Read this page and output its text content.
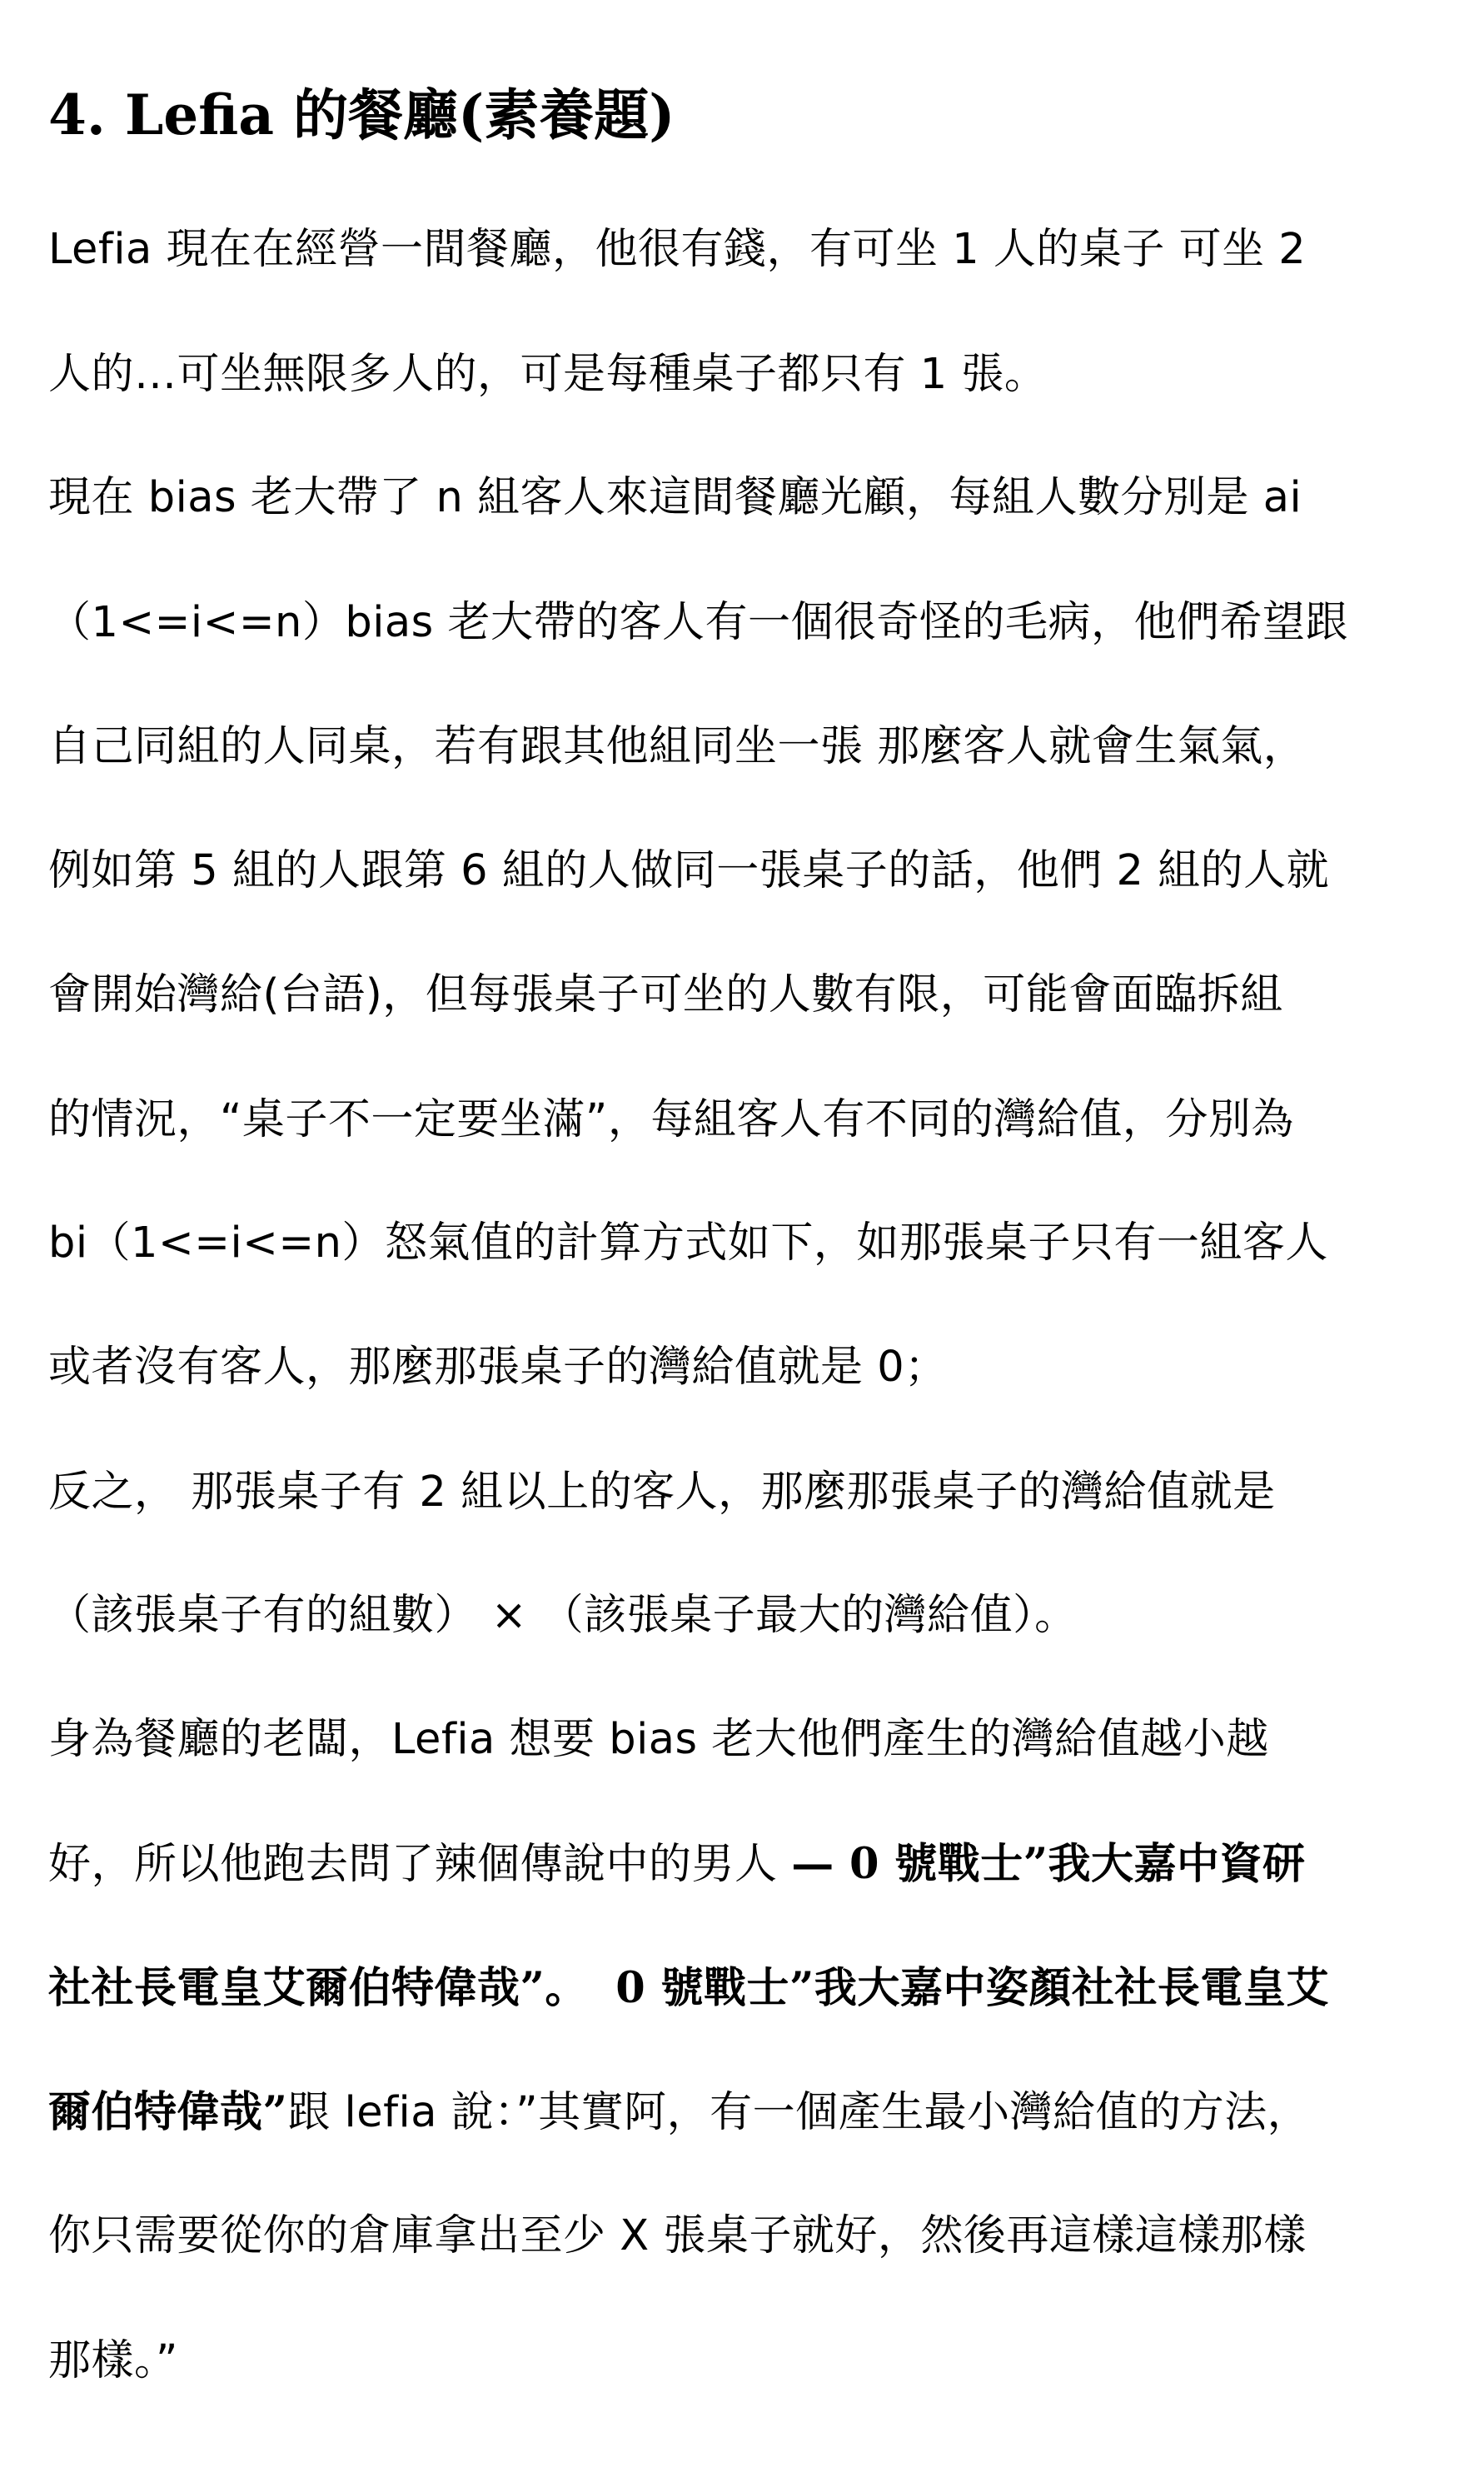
4. Lefia 的餐廳(素養題)

Lefia 現在在經營一間餐廳，他很有錢，有可坐 1 人的桌子 可坐 2

人的…可坐無限多人的，可是每種桌子都只有 1 張。

現在 bias 老大帶了 n 組客人來這間餐廳光顧，每組人數分別是 ai

（1<=i<=n）bias 老大帶的客人有一個很奇怪的毛病，他們希望跟

自己同組的人同桌，若有跟其他組同坐一張 那麼客人就會生氣氣，

例如第 5 組的人跟第 6 組的人做同一張桌子的話，他們 2 組的人就

會開始灣給(台語)，但每張桌子可坐的人數有限，可能會面臨拆組

的情況，“桌子不一定要坐滿”，每組客人有不同的灣給值，分別為

bi（1<=i<=n）怒氣值的計算方式如下，如那張桌子只有一組客人

或者沒有客人，那麼那張桌子的灣給值就是 0；

反之， 那張桌子有 2 組以上的客人，那麼那張桌子的灣給值就是

（該張桌子有的組數） × （該張桌子最大的灣給值）。

身為餐廳的老闆，Lefia 想要 bias 老大他們產生的灣給值越小越

好，所以他跑去問了辣個傳說中的男人 — 0 號戰士”我大嘉中資研

社社長電皇艾爾伯特偉哉”。 0 號戰士”我大嘉中姿顏社社長電皇艾

爾伯特偉哉”跟 lefia 說：”其實阿，有一個產生最小灣給值的方法，

你只需要從你的倉庫拿出至少 X 張桌子就好，然後再這樣這樣那樣

那樣。”
